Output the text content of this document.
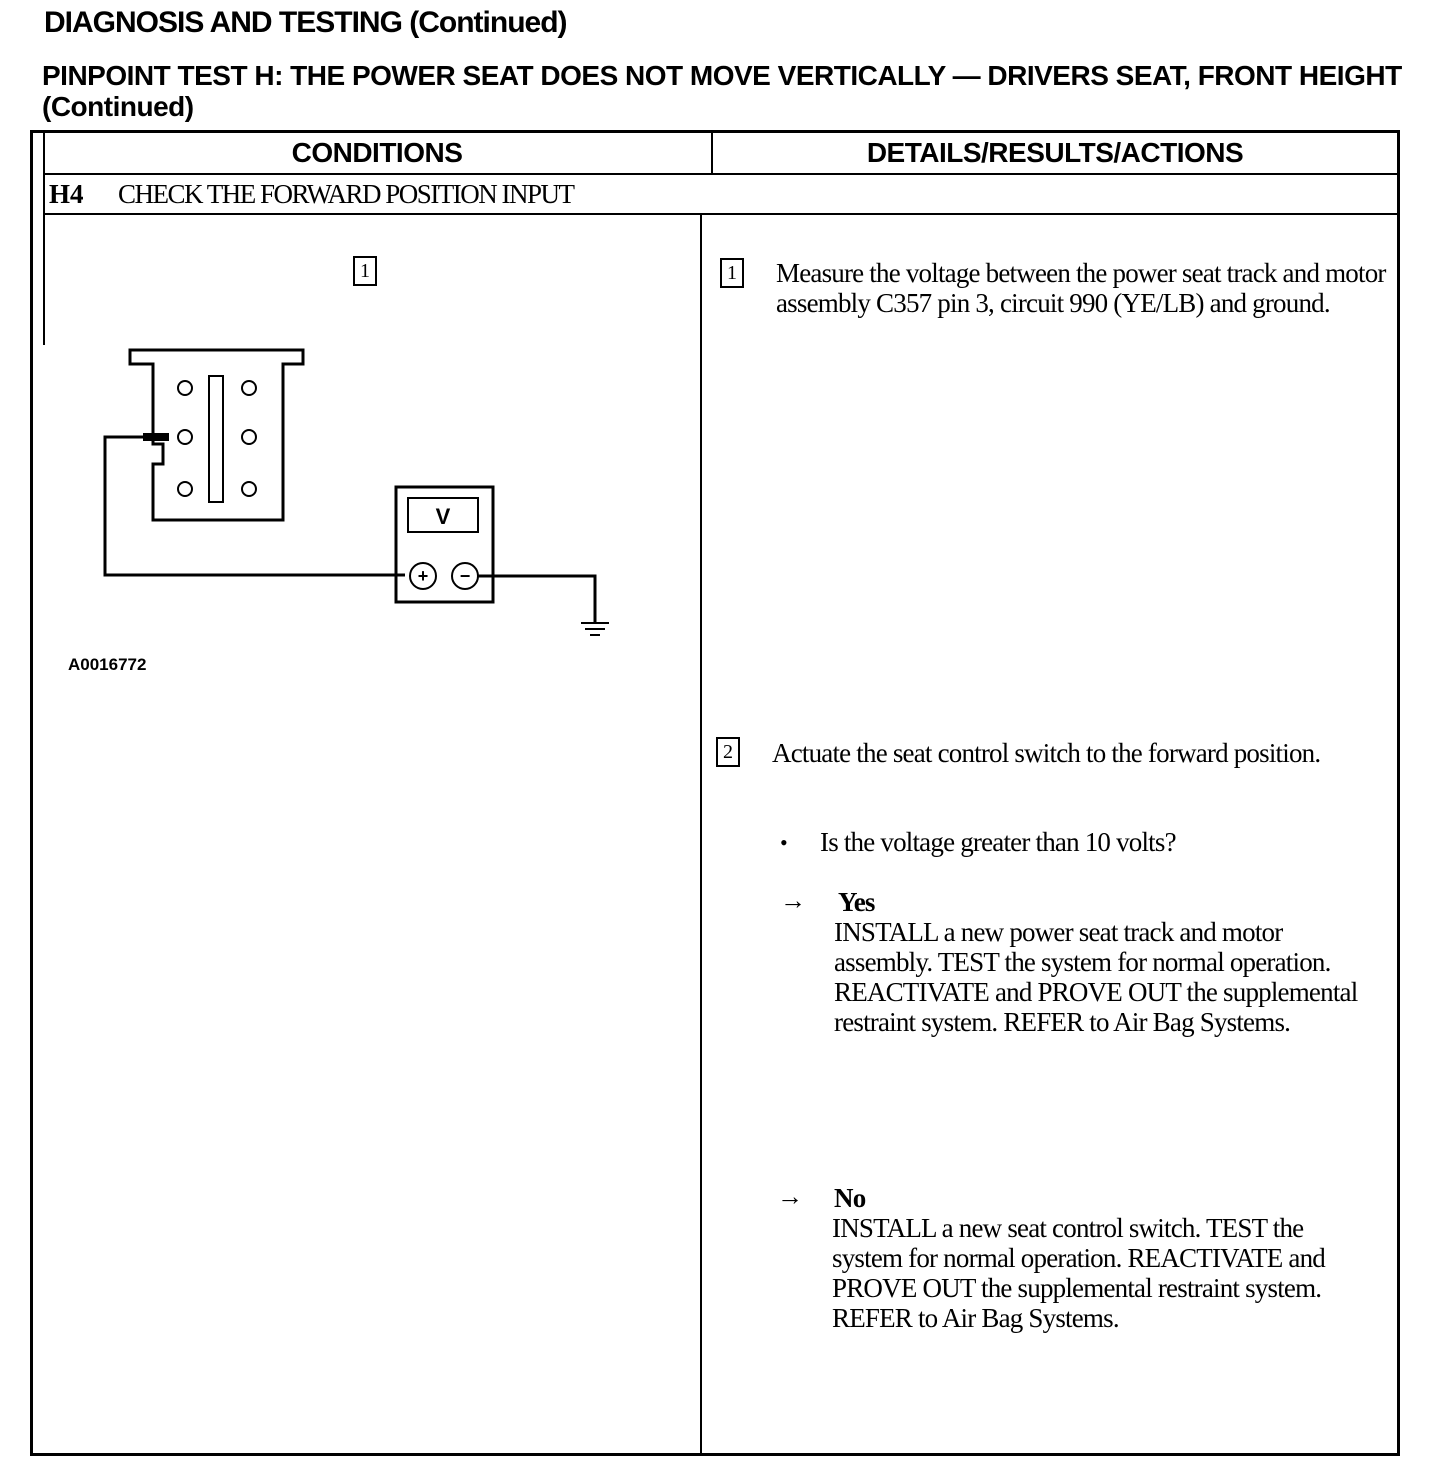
DIAGNOSIS AND TESTING (Continued)
PINPOINT TEST H: THE POWER SEAT DOES NOT MOVE VERTICALLY — DRIVERS SEAT, FRONT HEIGHT (Continued)
CONDITIONS	DETAILS/RESULTS/ACTIONS
H4 CHECK THE FORWARD POSITION INPUT
1
V
+ −
A0016772
1 Measure the voltage between the power seat track and motor assembly C357 pin 3, circuit 990 (YE/LB) and ground.
2 Actuate the seat control switch to the forward position.
• Is the voltage greater than 10 volts?
→ Yes
INSTALL a new power seat track and motor assembly. TEST the system for normal operation. REACTIVATE and PROVE OUT the supplemental restraint system. REFER to Air Bag Systems.
→ No
INSTALL a new seat control switch. TEST the system for normal operation. REACTIVATE and PROVE OUT the supplemental restraint system. REFER to Air Bag Systems.
